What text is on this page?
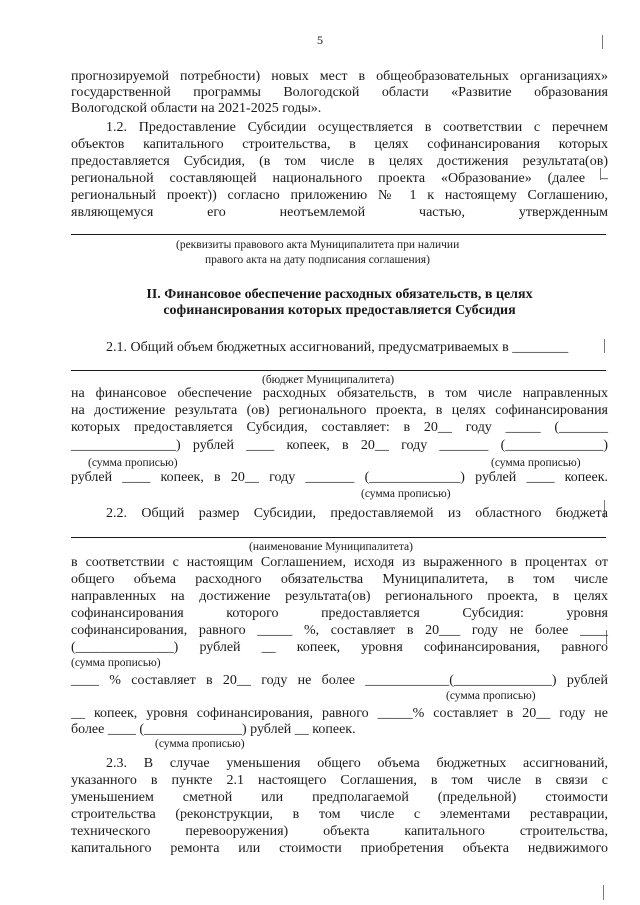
5
прогнозируемой потребности) новых мест в общеобразовательных организациях»
государственной программы Вологодской области «Развитие образования
Вологодской области на 2021-2025 годы».
1.2. Предоставление Субсидии осуществляется в соответствии с перечнем
объектов капитального строительства, в целях софинансирования которых
предоставляется Субсидия, (в том числе в целях достижения результата(ов)
региональной составляющей национального проекта «Образование» (далее –
региональный проект)) согласно приложению № 1 к настоящему Соглашению,
являющемуся его неотъемлемой частью, утвержденным
2.1. Общий объем бюджетных ассигнований, предусматриваемых в ________
на финансовое обеспечение расходных обязательств, в том числе направленных
на достижение результата (ов) регионального проекта, в целях софинансирования
которых предоставляется Субсидия, составляет: в 20__ году _____ (_______
_______________) рублей ____ копеек, в 20__ году _______ (______________)
рублей ____ копеек, в 20__ году _______ (_____________) рублей ____ копеек.
2.2. Общий размер Субсидии, предоставляемой из областного бюджета
в соответствии с настоящим Соглашением, исходя из выраженного в процентах от
общего объема расходного обязательства Муниципалитета, в том числе
направленных на достижение результата(ов) регионального проекта, в целях
софинансирования которого предоставляется Субсидия: уровня
софинансирования, равного _____ %, составляет в 20___ году не более ____
(______________) рублей __ копеек, уровня софинансирования, равного
____ % составляет в 20__ году не более ____________(______________) рублей
__ копеек, уровня софинансирования, равного _____% составляет в 20__ году не
более ____ (______________) рублей __ копеек.
2.3. В случае уменьшения общего объема бюджетных ассигнований,
указанного в пункте 2.1 настоящего Соглашения, в том числе в связи с
уменьшением сметной или предполагаемой (предельной) стоимости
строительства (реконструкции, в том числе с элементами реставрации,
технического перевооружения) объекта капитального строительства,
капитального ремонта или стоимости приобретения объекта недвижимого
II. Финансовое обеспечение расходных обязательств, в целях
софинансирования которых предоставляется Субсидия
(реквизиты правового акта Муниципалитета при наличии
правого акта на дату подписания соглашения)
(бюджет Муниципалитета)
(сумма прописью)	(сумма прописью)
(сумма прописью)
(наименование Муниципалитета)
(сумма прописью)
(сумма прописью)
(сумма прописью)
